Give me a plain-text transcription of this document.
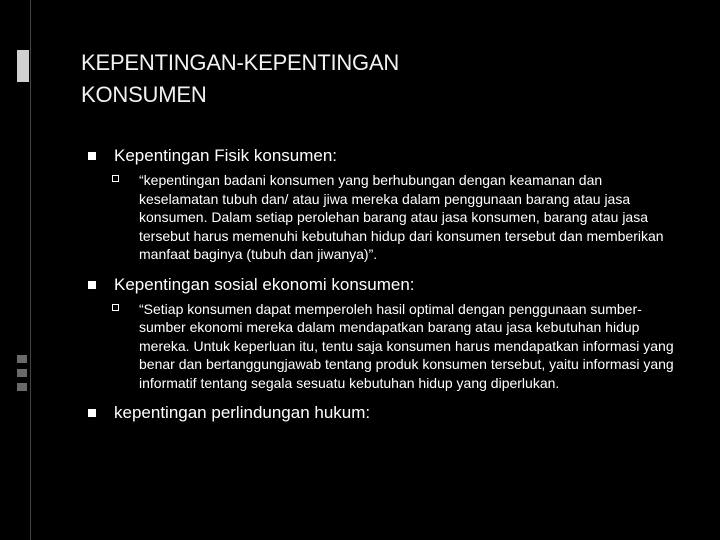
KEPENTINGAN-KEPENTINGAN
KONSUMEN
Kepentingan Fisik konsumen:
“kepentingan badani konsumen yang berhubungan dengan keamanan dan keselamatan tubuh dan/ atau jiwa mereka dalam penggunaan barang atau jasa konsumen. Dalam setiap perolehan barang atau jasa konsumen, barang atau jasa tersebut harus memenuhi kebutuhan hidup dari konsumen tersebut dan memberikan manfaat baginya (tubuh dan jiwanya)”.
Kepentingan sosial ekonomi konsumen:
“Setiap konsumen dapat memperoleh hasil optimal dengan penggunaan sumber-sumber ekonomi mereka dalam mendapatkan barang atau jasa kebutuhan hidup mereka. Untuk keperluan itu, tentu saja konsumen harus mendapatkan informasi yang benar dan bertanggungjawab tentang produk konsumen tersebut, yaitu informasi yang informatif tentang segala sesuatu kebutuhan hidup yang diperlukan.
kepentingan perlindungan hukum:
